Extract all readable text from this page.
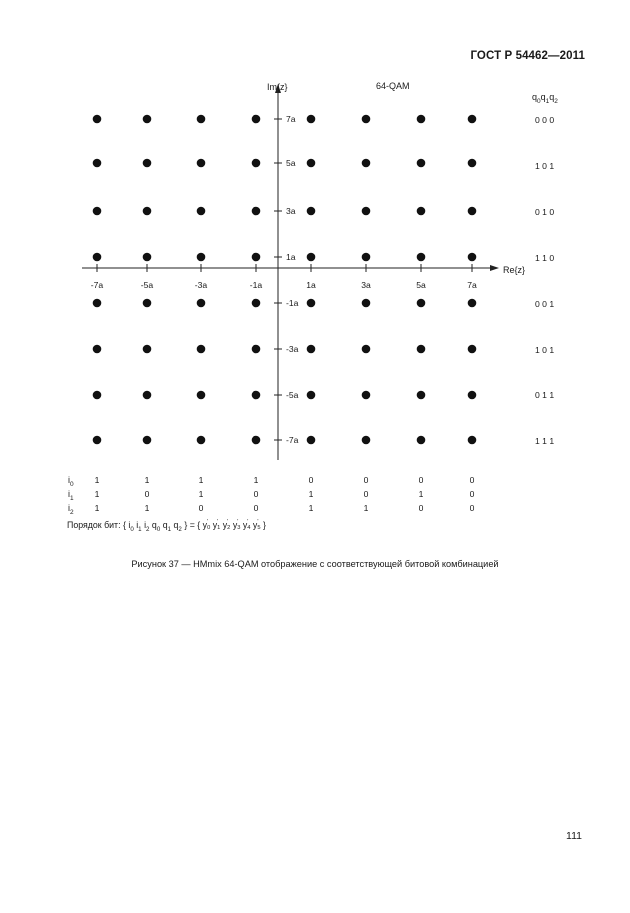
ГОСТ Р 54462—2011
Re{z}
Im{z}	64-QAM
-7a	-5a	-3a	-1a	1a	3a	5a	7a
7a
5a
3a
1a
-1a
-3a
-5a
-7a
$q_0q_1q_2$
0 0 0
1 0 1
0 1 0
1 1 0
0 0 1
1 0 1
0 1 1
1 1 1
$i_0$ 1	1	1	1	0	0	0	0
$i_1$ 1	0	1	0	1	0	1	0
$i_2$ 1	1	0	0	1	1	0	0
Порядок бит: { $i_0$ $i_1$ $i_2$ $q_0$ $q_1$ $q_2$ } = { y '
0 y '
1 y '
2 y '
3 y '
4 y '
5 }
Рисунок 37 — HMmix 64-QAM отображение с соответствующей битовой комбинацией
111
